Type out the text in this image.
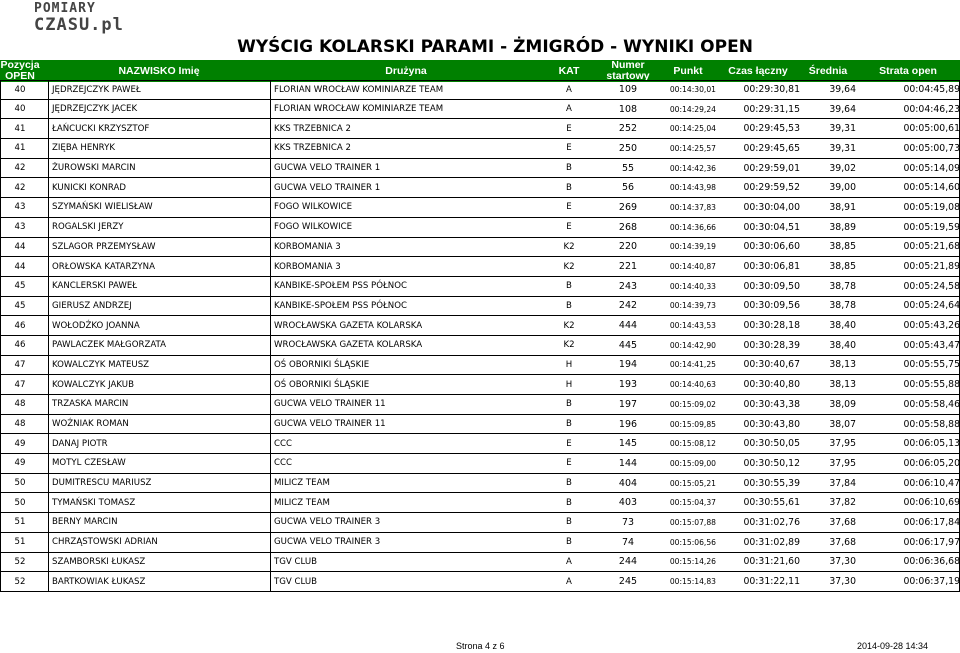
POMIARY
CZASU.pl
WYŚCIG KOLARSKI PARAMI - ŻMIGRÓD - WYNIKI OPEN
Pozycja OPEN	NAZWISKO Imię	Drużyna	KAT	Numer startowy	Punkt	Czas łączny	Średnia	Strata open
40	JĘDRZEJCZYK PAWEŁ	FLORIAN WROCŁAW KOMINIARZE TEAM	A	109	00:14:30,01	00:29:30,81	39,64	00:04:45,89
40	JĘDRZEJCZYK JACEK	FLORIAN WROCŁAW KOMINIARZE TEAM	A	108	00:14:29,24	00:29:31,15	39,64	00:04:46,23
41	ŁAŃCUCKI KRZYSZTOF	KKS TRZEBNICA 2	E	252	00:14:25,04	00:29:45,53	39,31	00:05:00,61
41	ZIĘBA HENRYK	KKS TRZEBNICA 2	E	250	00:14:25,57	00:29:45,65	39,31	00:05:00,73
42	ŻUROWSKI MARCIN	GUCWA VELO TRAINER 1	B	55	00:14:42,36	00:29:59,01	39,02	00:05:14,09
42	KUNICKI KONRAD	GUCWA VELO TRAINER 1	B	56	00:14:43,98	00:29:59,52	39,00	00:05:14,60
43	SZYMAŃSKI WIELISŁAW	FOGO WILKOWICE	E	269	00:14:37,83	00:30:04,00	38,91	00:05:19,08
43	ROGALSKI JERZY	FOGO WILKOWICE	E	268	00:14:36,66	00:30:04,51	38,89	00:05:19,59
44	SZLAGOR PRZEMYSŁAW	KORBOMANIA 3	K2	220	00:14:39,19	00:30:06,60	38,85	00:05:21,68
44	ORŁOWSKA KATARZYNA	KORBOMANIA 3	K2	221	00:14:40,87	00:30:06,81	38,85	00:05:21,89
45	KANCLERSKI PAWEŁ	KANBIKE-SPOŁEM PSS PÓŁNOC	B	243	00:14:40,33	00:30:09,50	38,78	00:05:24,58
45	GIERUSZ ANDRZEJ	KANBIKE-SPOŁEM PSS PÓŁNOC	B	242	00:14:39,73	00:30:09,56	38,78	00:05:24,64
46	WOŁODŹKO JOANNA	WROCŁAWSKA GAZETA KOLARSKA	K2	444	00:14:43,53	00:30:28,18	38,40	00:05:43,26
46	PAWLACZEK MAŁGORZATA	WROCŁAWSKA GAZETA KOLARSKA	K2	445	00:14:42,90	00:30:28,39	38,40	00:05:43,47
47	KOWALCZYK MATEUSZ	OŚ OBORNIKI ŚLĄSKIE	H	194	00:14:41,25	00:30:40,67	38,13	00:05:55,75
47	KOWALCZYK JAKUB	OŚ OBORNIKI ŚLĄSKIE	H	193	00:14:40,63	00:30:40,80	38,13	00:05:55,88
48	TRZASKA MARCIN	GUCWA VELO TRAINER 11	B	197	00:15:09,02	00:30:43,38	38,09	00:05:58,46
48	WOŹNIAK ROMAN	GUCWA VELO TRAINER 11	B	196	00:15:09,85	00:30:43,80	38,07	00:05:58,88
49	DANAJ PIOTR	CCC	E	145	00:15:08,12	00:30:50,05	37,95	00:06:05,13
49	MOTYL CZESŁAW	CCC	E	144	00:15:09,00	00:30:50,12	37,95	00:06:05,20
50	DUMITRESCU MARIUSZ	MILICZ TEAM	B	404	00:15:05,21	00:30:55,39	37,84	00:06:10,47
50	TYMAŃSKI TOMASZ	MILICZ TEAM	B	403	00:15:04,37	00:30:55,61	37,82	00:06:10,69
51	BERNY MARCIN	GUCWA VELO TRAINER 3	B	73	00:15:07,88	00:31:02,76	37,68	00:06:17,84
51	CHRZĄSTOWSKI ADRIAN	GUCWA VELO TRAINER 3	B	74	00:15:06,56	00:31:02,89	37,68	00:06:17,97
52	SZAMBORSKI ŁUKASZ	TGV CLUB	A	244	00:15:14,26	00:31:21,60	37,30	00:06:36,68
52	BARTKOWIAK ŁUKASZ	TGV CLUB	A	245	00:15:14,83	00:31:22,11	37,30	00:06:37,19
Strona 4 z 6	2014-09-28 14:34
